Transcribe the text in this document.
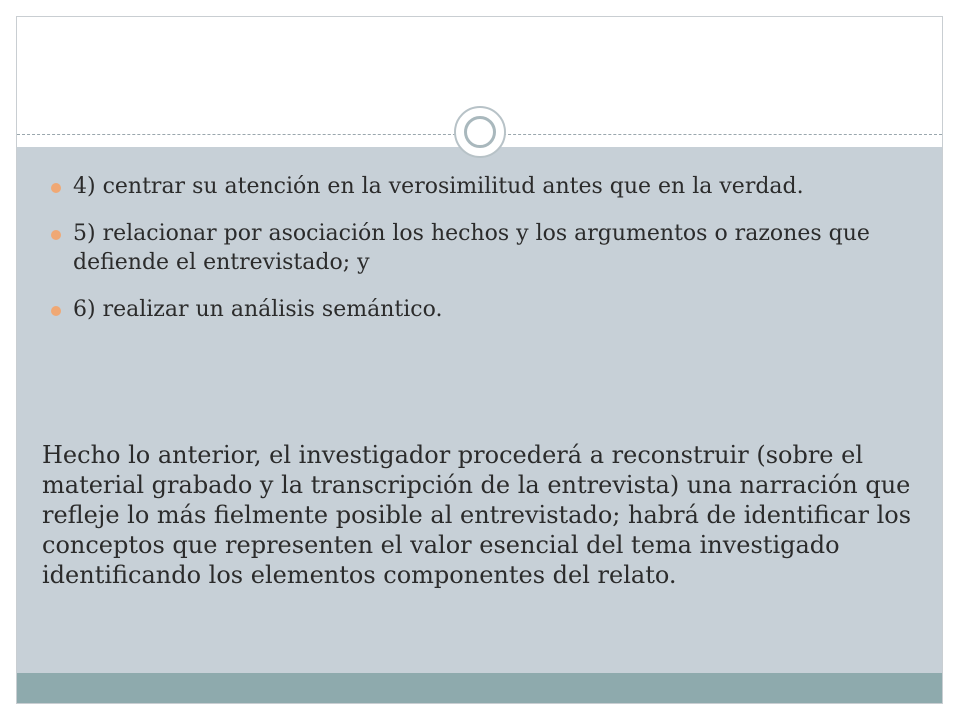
4) centrar su atención en la verosimilitud antes que en la verdad.
5) relacionar por asociación los hechos y los argumentos o razones que defiende el entrevistado; y
6) realizar un análisis semántico.

Hecho lo anterior, el investigador procederá a reconstruir (sobre el material grabado y la transcripción de la entrevista) una narración que refleje lo más fielmente posible al entrevistado; habrá de identificar los conceptos que representen el valor esencial del tema investigado identificando los elementos componentes del relato.
